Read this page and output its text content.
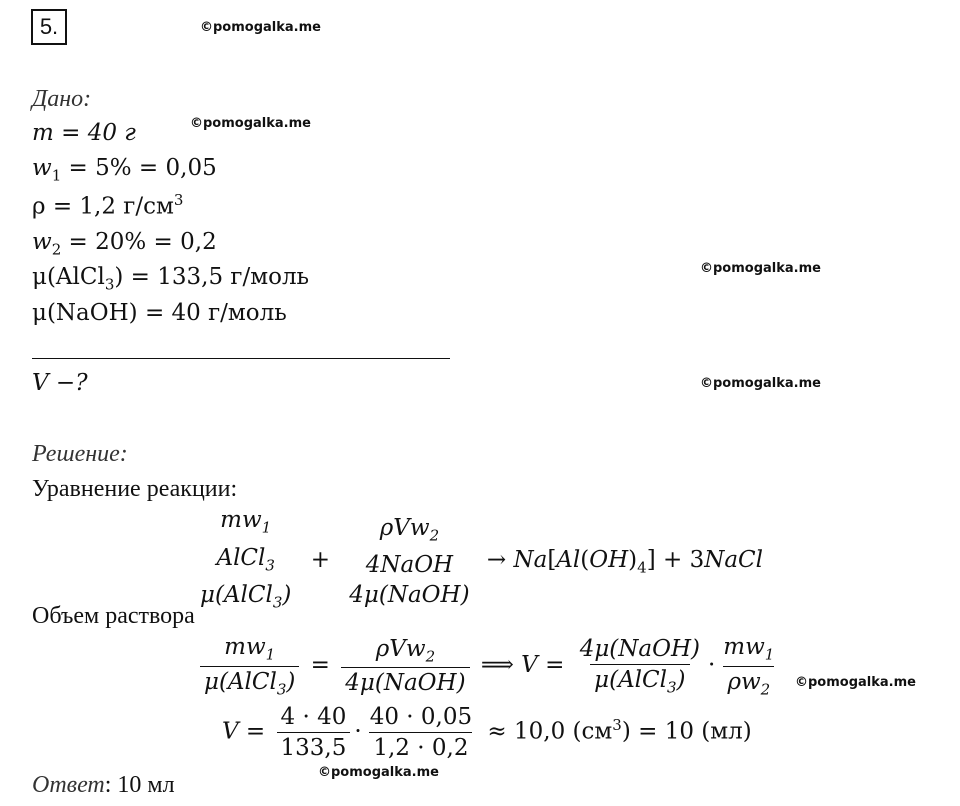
5.	©pomogalka.me
©pomogalka.me
©pomogalka.me
©pomogalka.me
©pomogalka.me
©pomogalka.me
Дано:
m = 40 г
$w_1 = 5\% = 0,05$
ρ = 1,2 $г/см^3$
$w_2 = 20\% = 0,2$
μ(AlCl$_3$) = 133,5 г/моль
μ(NaOH) = 40 г/моль
V −?
Решение:
Уравнение реакции:
$mw_1$
AlCl$_3$
μ(AlCl$_3$)
+
ρVw$_2$
4NaOH
4μ(NaOH)
→ $Na[Al(OH)_4]$ + 3NaCl
Объем раствора
$\frac{mw_1}{\mu(AlCl_3)} = \frac{\rho Vw_2}{\text{4μ(NaOH)}}$ ⟹ $V = \frac{\text{4μ(NaOH)}}{\mu(AlCl_3)} \cdot \frac{mw_1}{\rho w_2}$
$V = \frac{4 \cdot 40}{133,5} \cdot \frac{40 \cdot 0,05}{1,2 \cdot 0,2} \approx 10,0$ $(см^3) = 10$ (мл)
Ответ: 10 мл
